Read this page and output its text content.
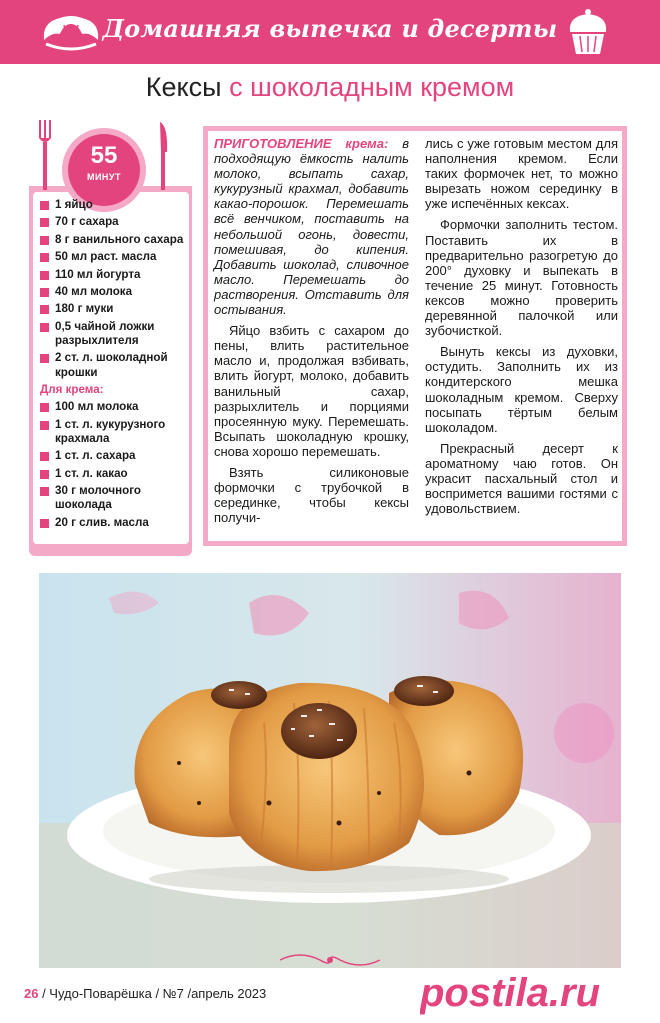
Домашняя выпечка и десерты
Кексы с шоколадным кремом
55
МИНУТ
1 яйцо
70 г сахара
8 г ванильного сахара
50 мл раст. масла
110 мл йогурта
40 мл молока
180 г муки
0,5 чайной ложки разрыхлителя
2 ст. л. шоколадной крошки
Для крема:
100 мл молока
1 ст. л. кукурузного крахмала
1 ст. л. сахара
1 ст. л. какао
30 г молочного шоколада
20 г слив. масла

ПРИГОТОВЛЕНИЕ крема: в подходящую ёмкость налить молоко, всыпать сахар, кукурузный крахмал, добавить какао-порошок. Перемешать всё венчиком, поставить на небольшой огонь, довести, помешивая, до кипения. Добавить шоколад, сливочное масло. Перемешать до растворения. Отставить для остывания.

Яйцо взбить с сахаром до пены, влить растительное масло и, продолжая взбивать, влить йогурт, молоко, добавить ванильный сахар, разрыхлитель и порциями просеянную муку. Перемешать. Всыпать шоколадную крошку, снова хорошо перемешать.

Взять силиконовые формочки с трубочкой в серединке, чтобы кексы получи-

лись с уже готовым местом для наполнения кремом. Если таких формочек нет, то можно вырезать ножом серединку в уже испечённых кексах.

Формочки заполнить тестом. Поставить их в предварительно разогретую до 200° духовку и выпекать в течение 25 минут. Готовность кексов можно проверить деревянной палочкой или зубочисткой.

Вынуть кексы из духовки, остудить. Заполнить их из кондитерского мешка шоколадным кремом. Сверху посыпать тёртым белым шоколадом.

Прекрасный десерт к ароматному чаю готов. Он украсит пасхальный стол и воспримется вашими гостями с удовольствием.

26 / Чудо-Поварёшка / №7 /апрель 2023	postila.ru
